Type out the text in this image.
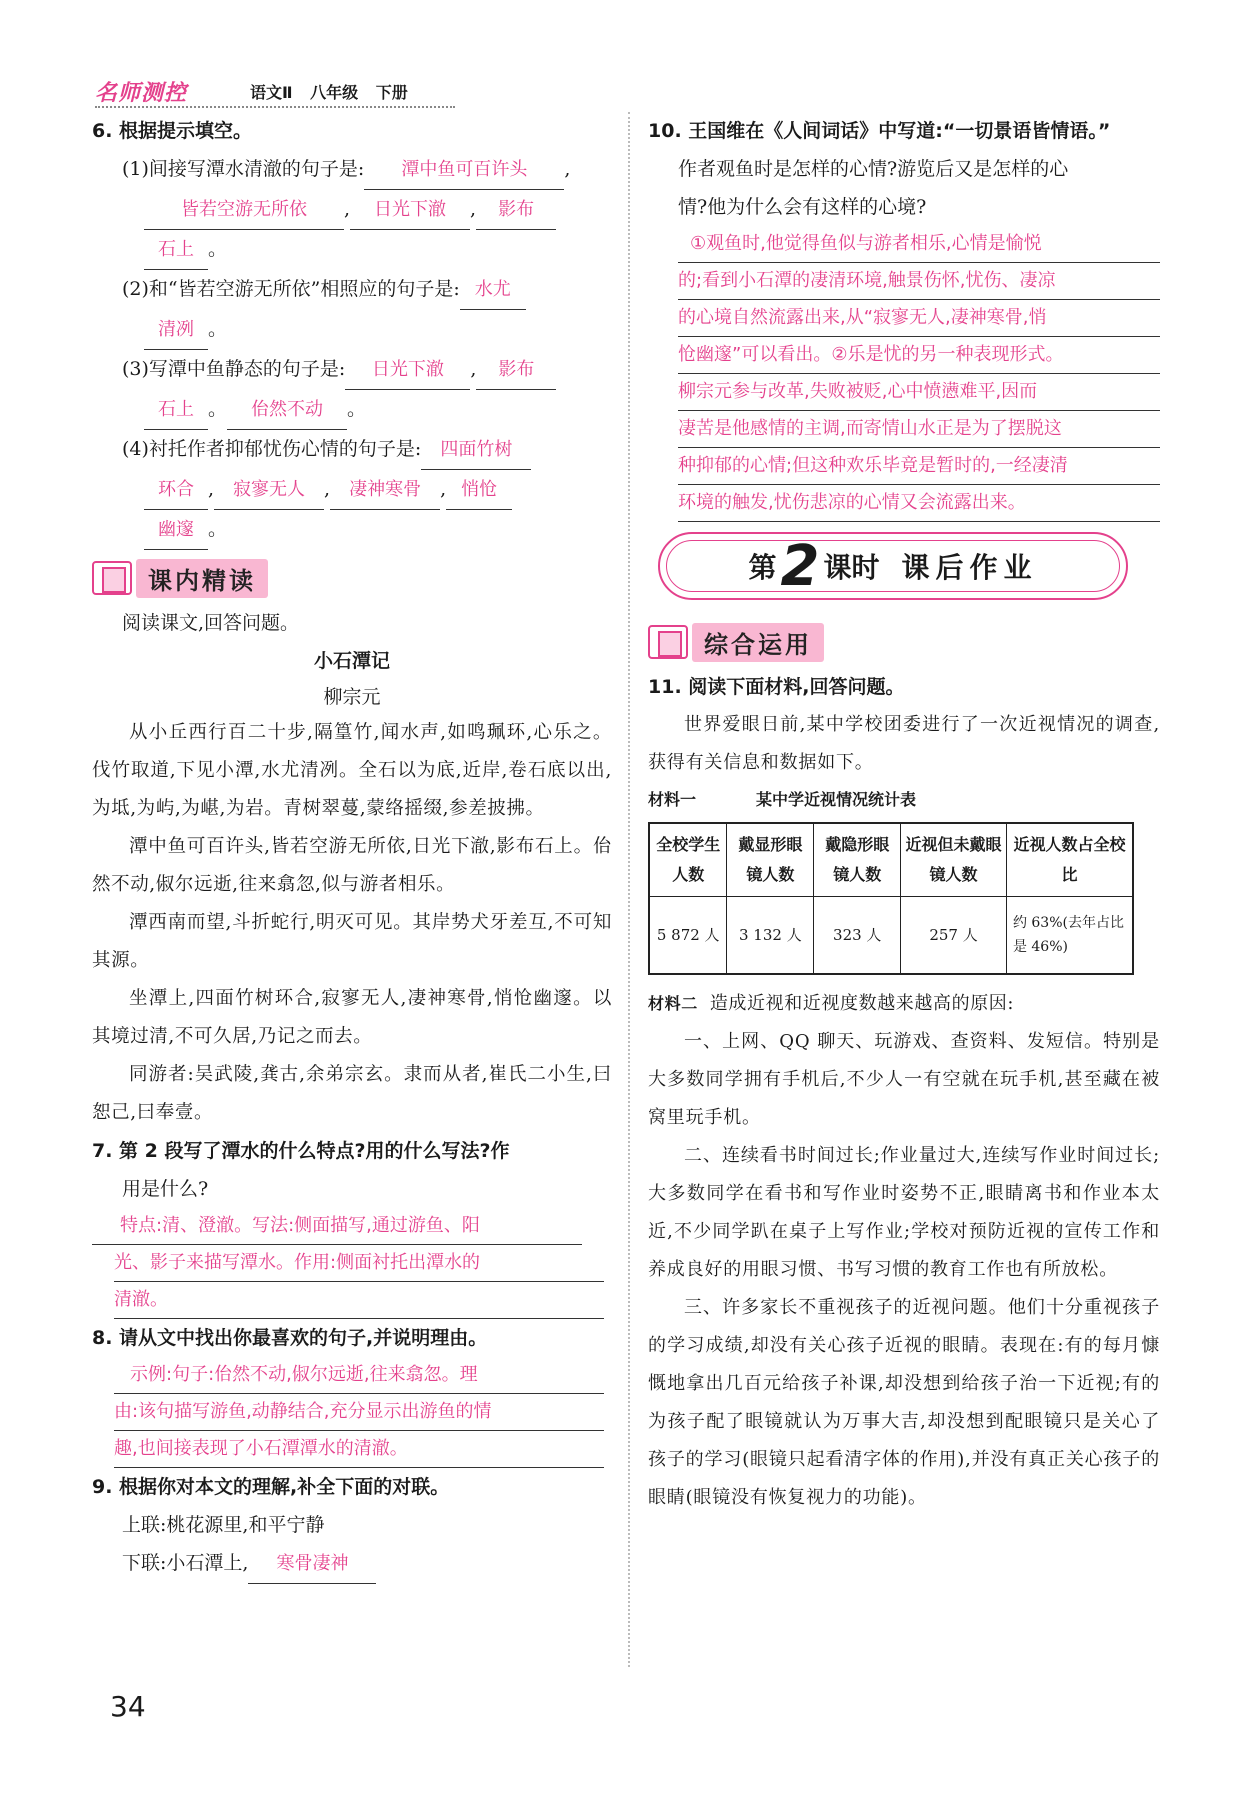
名师测控	语文Ⅱ 八年级 下册
6. 根据提示填空。
(1)间接写潭水清澈的句子是: 潭中鱼可百许头 ,
皆若空游无所依 , 日光下澈 , 影布
石上 。
(2)和“皆若空游无所依”相照应的句子是: 水尤
清冽 。
(3)写潭中鱼静态的句子是: 日光下澈 , 影布
石上 。 佁然不动 。
(4)衬托作者抑郁忧伤心情的句子是: 四面竹树
环合 , 寂寥无人 , 凄神寒骨 , 悄怆
幽邃 。
课内精读
阅读课文,回答问题。
小石潭记
柳宗元

从小丘西行百二十步,隔篁竹,闻水声,如鸣珮环,心乐之。伐竹取道,下见小潭,水尤清冽。全石以为底,近岸,卷石底以出,为坻,为屿,为嵁,为岩。青树翠蔓,蒙络摇缀,参差披拂。

潭中鱼可百许头,皆若空游无所依,日光下澈,影布石上。佁然不动,俶尔远逝,往来翕忽,似与游者相乐。

潭西南而望,斗折蛇行,明灭可见。其岸势犬牙差互,不可知其源。

坐潭上,四面竹树环合,寂寥无人,凄神寒骨,悄怆幽邃。以其境过清,不可久居,乃记之而去。

同游者:吴武陵,龚古,余弟宗玄。隶而从者,崔氏二小生,曰恕己,曰奉壹。

7. 第 2 段写了潭水的什么特点?用的什么写法?作
用是什么?
特点:清、澄澈。写法:侧面描写,通过游鱼、阳
光、影子来描写潭水。作用:侧面衬托出潭水的
清澈。
8. 请从文中找出你最喜欢的句子,并说明理由。
示例:句子:佁然不动,俶尔远逝,往来翕忽。理
由:该句描写游鱼,动静结合,充分显示出游鱼的情
趣,也间接表现了小石潭潭水的清澈。
9. 根据你对本文的理解,补全下面的对联。
上联:桃花源里,和平宁静
下联:小石潭上, 寒骨凄神
10. 王国维在《人间词话》中写道:“一切景语皆情语。”
作者观鱼时是怎样的心情?游览后又是怎样的心
情?他为什么会有这样的心境?
①观鱼时,他觉得鱼似与游者相乐,心情是愉悦
的;看到小石潭的凄清环境,触景伤怀,忧伤、凄凉
的心境自然流露出来,从“寂寥无人,凄神寒骨,悄
怆幽邃”可以看出。②乐是忧的另一种表现形式。
柳宗元参与改革,失败被贬,心中愤懑难平,因而
凄苦是他感情的主调,而寄情山水正是为了摆脱这
种抑郁的心情;但这种欢乐毕竟是暂时的,一经凄清
环境的触发,忧伤悲凉的心情又会流露出来。
第 2 课时 课后作业
综合运用
11. 阅读下面材料,回答问题。

世界爱眼日前,某中学校团委进行了一次近视情况的调查,获得有关信息和数据如下。

材料一	某中学近视情况统计表
全校学生人数	戴显形眼镜人数	戴隐形眼镜人数	近视但未戴眼镜人数	近视人数占全校比
5 872 人	3 132 人	323 人	257 人	约 63%(去年占比是 46%)
材料二 造成近视和近视度数越来越高的原因:

一、上网、QQ 聊天、玩游戏、查资料、发短信。特别是大多数同学拥有手机后,不少人一有空就在玩手机,甚至藏在被窝里玩手机。

二、连续看书时间过长;作业量过大,连续写作业时间过长;大多数同学在看书和写作业时姿势不正,眼睛离书和作业本太近,不少同学趴在桌子上写作业;学校对预防近视的宣传工作和养成良好的用眼习惯、书写习惯的教育工作也有所放松。

三、许多家长不重视孩子的近视问题。他们十分重视孩子的学习成绩,却没有关心孩子近视的眼睛。表现在:有的每月慷慨地拿出几百元给孩子补课,却没想到给孩子治一下近视;有的为孩子配了眼镜就认为万事大吉,却没想到配眼镜只是关心了孩子的学习(眼镜只起看清字体的作用),并没有真正关心孩子的眼睛(眼镜没有恢复视力的功能)。

34
